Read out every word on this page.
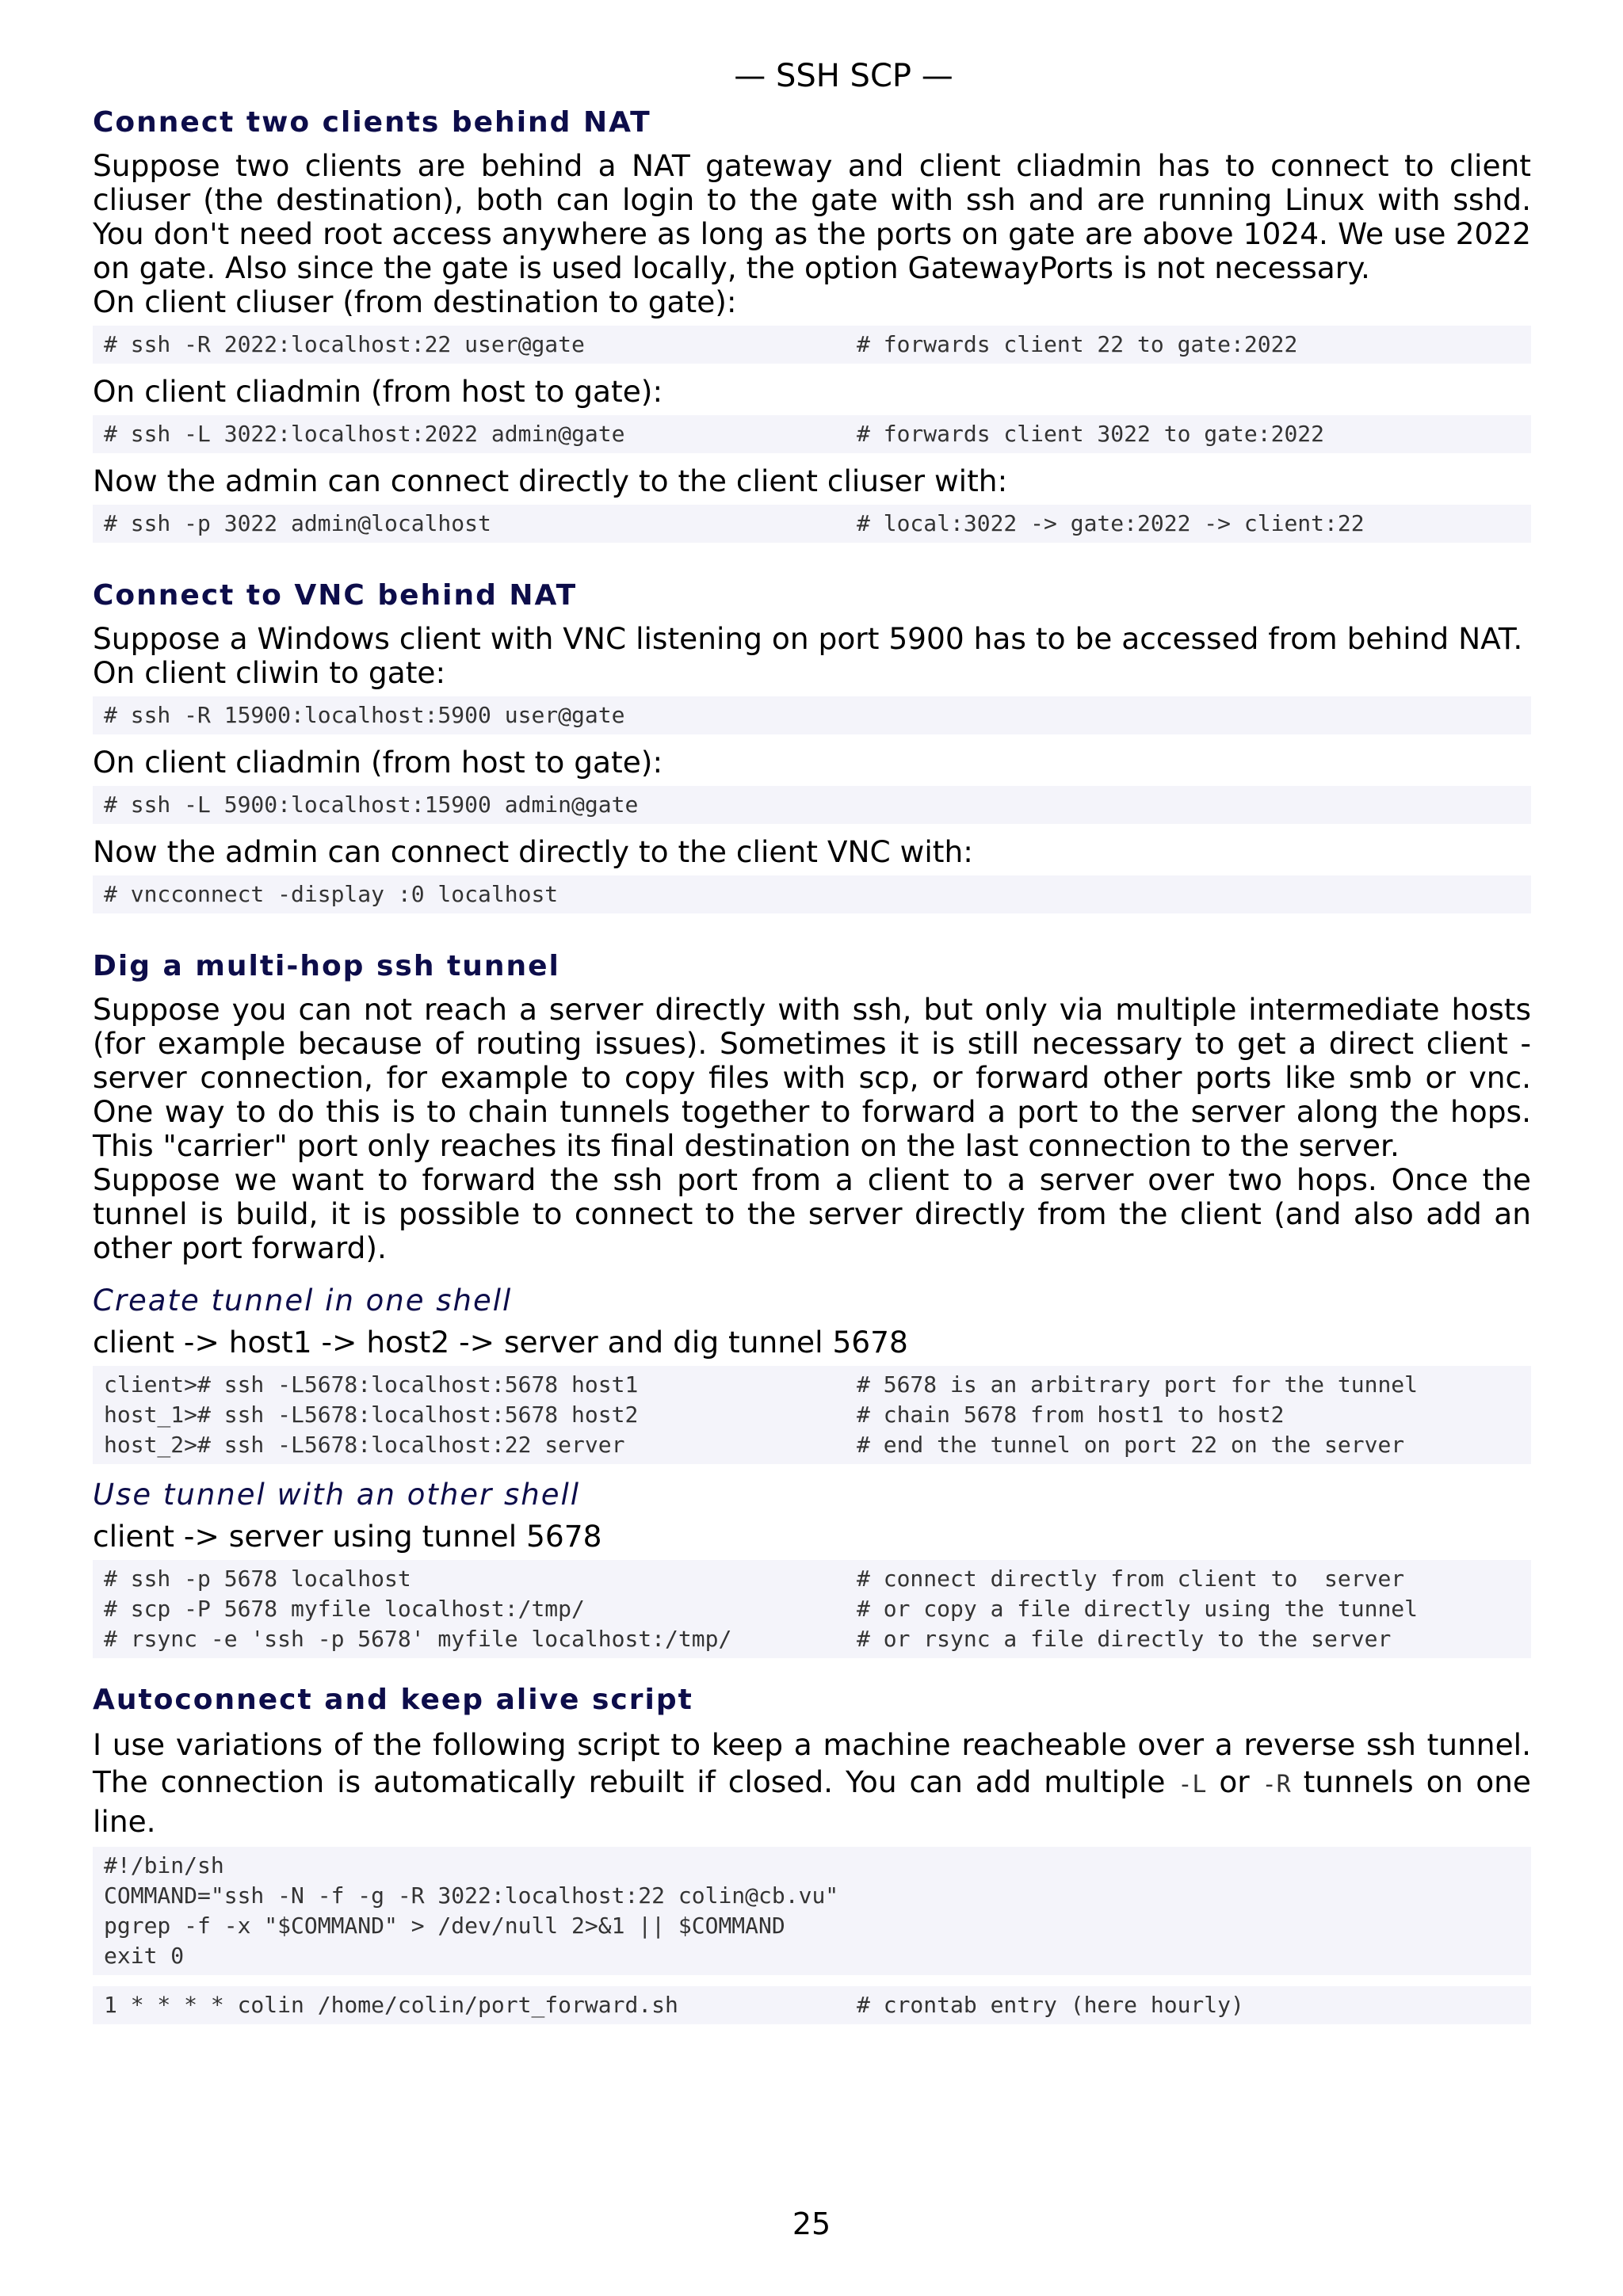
— SSH SCP —
Connect two clients behind NAT

Suppose two clients are behind a NAT gateway and client cliadmin has to connect to client cliuser (the destination), both can login to the gate with ssh and are running Linux with sshd. You don't need root access anywhere as long as the ports on gate are above 1024. We use 2022 on gate. Also since the gate is used locally, the option GatewayPorts is not necessary.

On client cliuser (from destination to gate):

# ssh -R 2022:localhost:22 user@gate	# forwards client 22 to gate:2022

On client cliadmin (from host to gate):

# ssh -L 3022:localhost:2022 admin@gate	# forwards client 3022 to gate:2022

Now the admin can connect directly to the client cliuser with:

# ssh -p 3022 admin@localhost	# local:3022 -> gate:2022 -> client:22
Connect to VNC behind NAT

Suppose a Windows client with VNC listening on port 5900 has to be accessed from behind NAT.

On client cliwin to gate:

# ssh -R 15900:localhost:5900 user@gate

On client cliadmin (from host to gate):

# ssh -L 5900:localhost:15900 admin@gate

Now the admin can connect directly to the client VNC with:

# vncconnect -display :0 localhost
Dig a multi-hop ssh tunnel

Suppose you can not reach a server directly with ssh, but only via multiple intermediate hosts (for example because of routing issues). Sometimes it is still necessary to get a direct client - server connection, for example to copy files with scp, or forward other ports like smb or vnc. One way to do this is to chain tunnels together to forward a port to the server along the hops. This "carrier" port only reaches its final destination on the last connection to the server.

Suppose we want to forward the ssh port from a client to a server over two hops. Once the tunnel is build, it is possible to connect to the server directly from the client (and also add an other port forward).

Create tunnel in one shell

client -> host1 -> host2 -> server and dig tunnel 5678

client># ssh -L5678:localhost:5678 host1	# 5678 is an arbitrary port for the tunnel
host_1># ssh -L5678:localhost:5678 host2	# chain 5678 from host1 to host2
host_2># ssh -L5678:localhost:22 server	# end the tunnel on port 22 on the server
Use tunnel with an other shell

client -> server using tunnel 5678

# ssh -p 5678 localhost	# connect directly from client to  server
# scp -P 5678 myfile localhost:/tmp/	# or copy a file directly using the tunnel
# rsync -e 'ssh -p 5678' myfile localhost:/tmp/	# or rsync a file directly to the server
Autoconnect and keep alive script

I use variations of the following script to keep a machine reacheable over a reverse ssh tunnel. The connection is automatically rebuilt if closed. You can add multiple -L or -R tunnels on one line.

#!/bin/sh
COMMAND="ssh -N -f -g -R 3022:localhost:22 colin@cb.vu"
pgrep -f -x "$COMMAND" > /dev/null 2>&1 || $COMMAND
exit 0
1 * * * * colin /home/colin/port_forward.sh	# crontab entry (here hourly)
25
